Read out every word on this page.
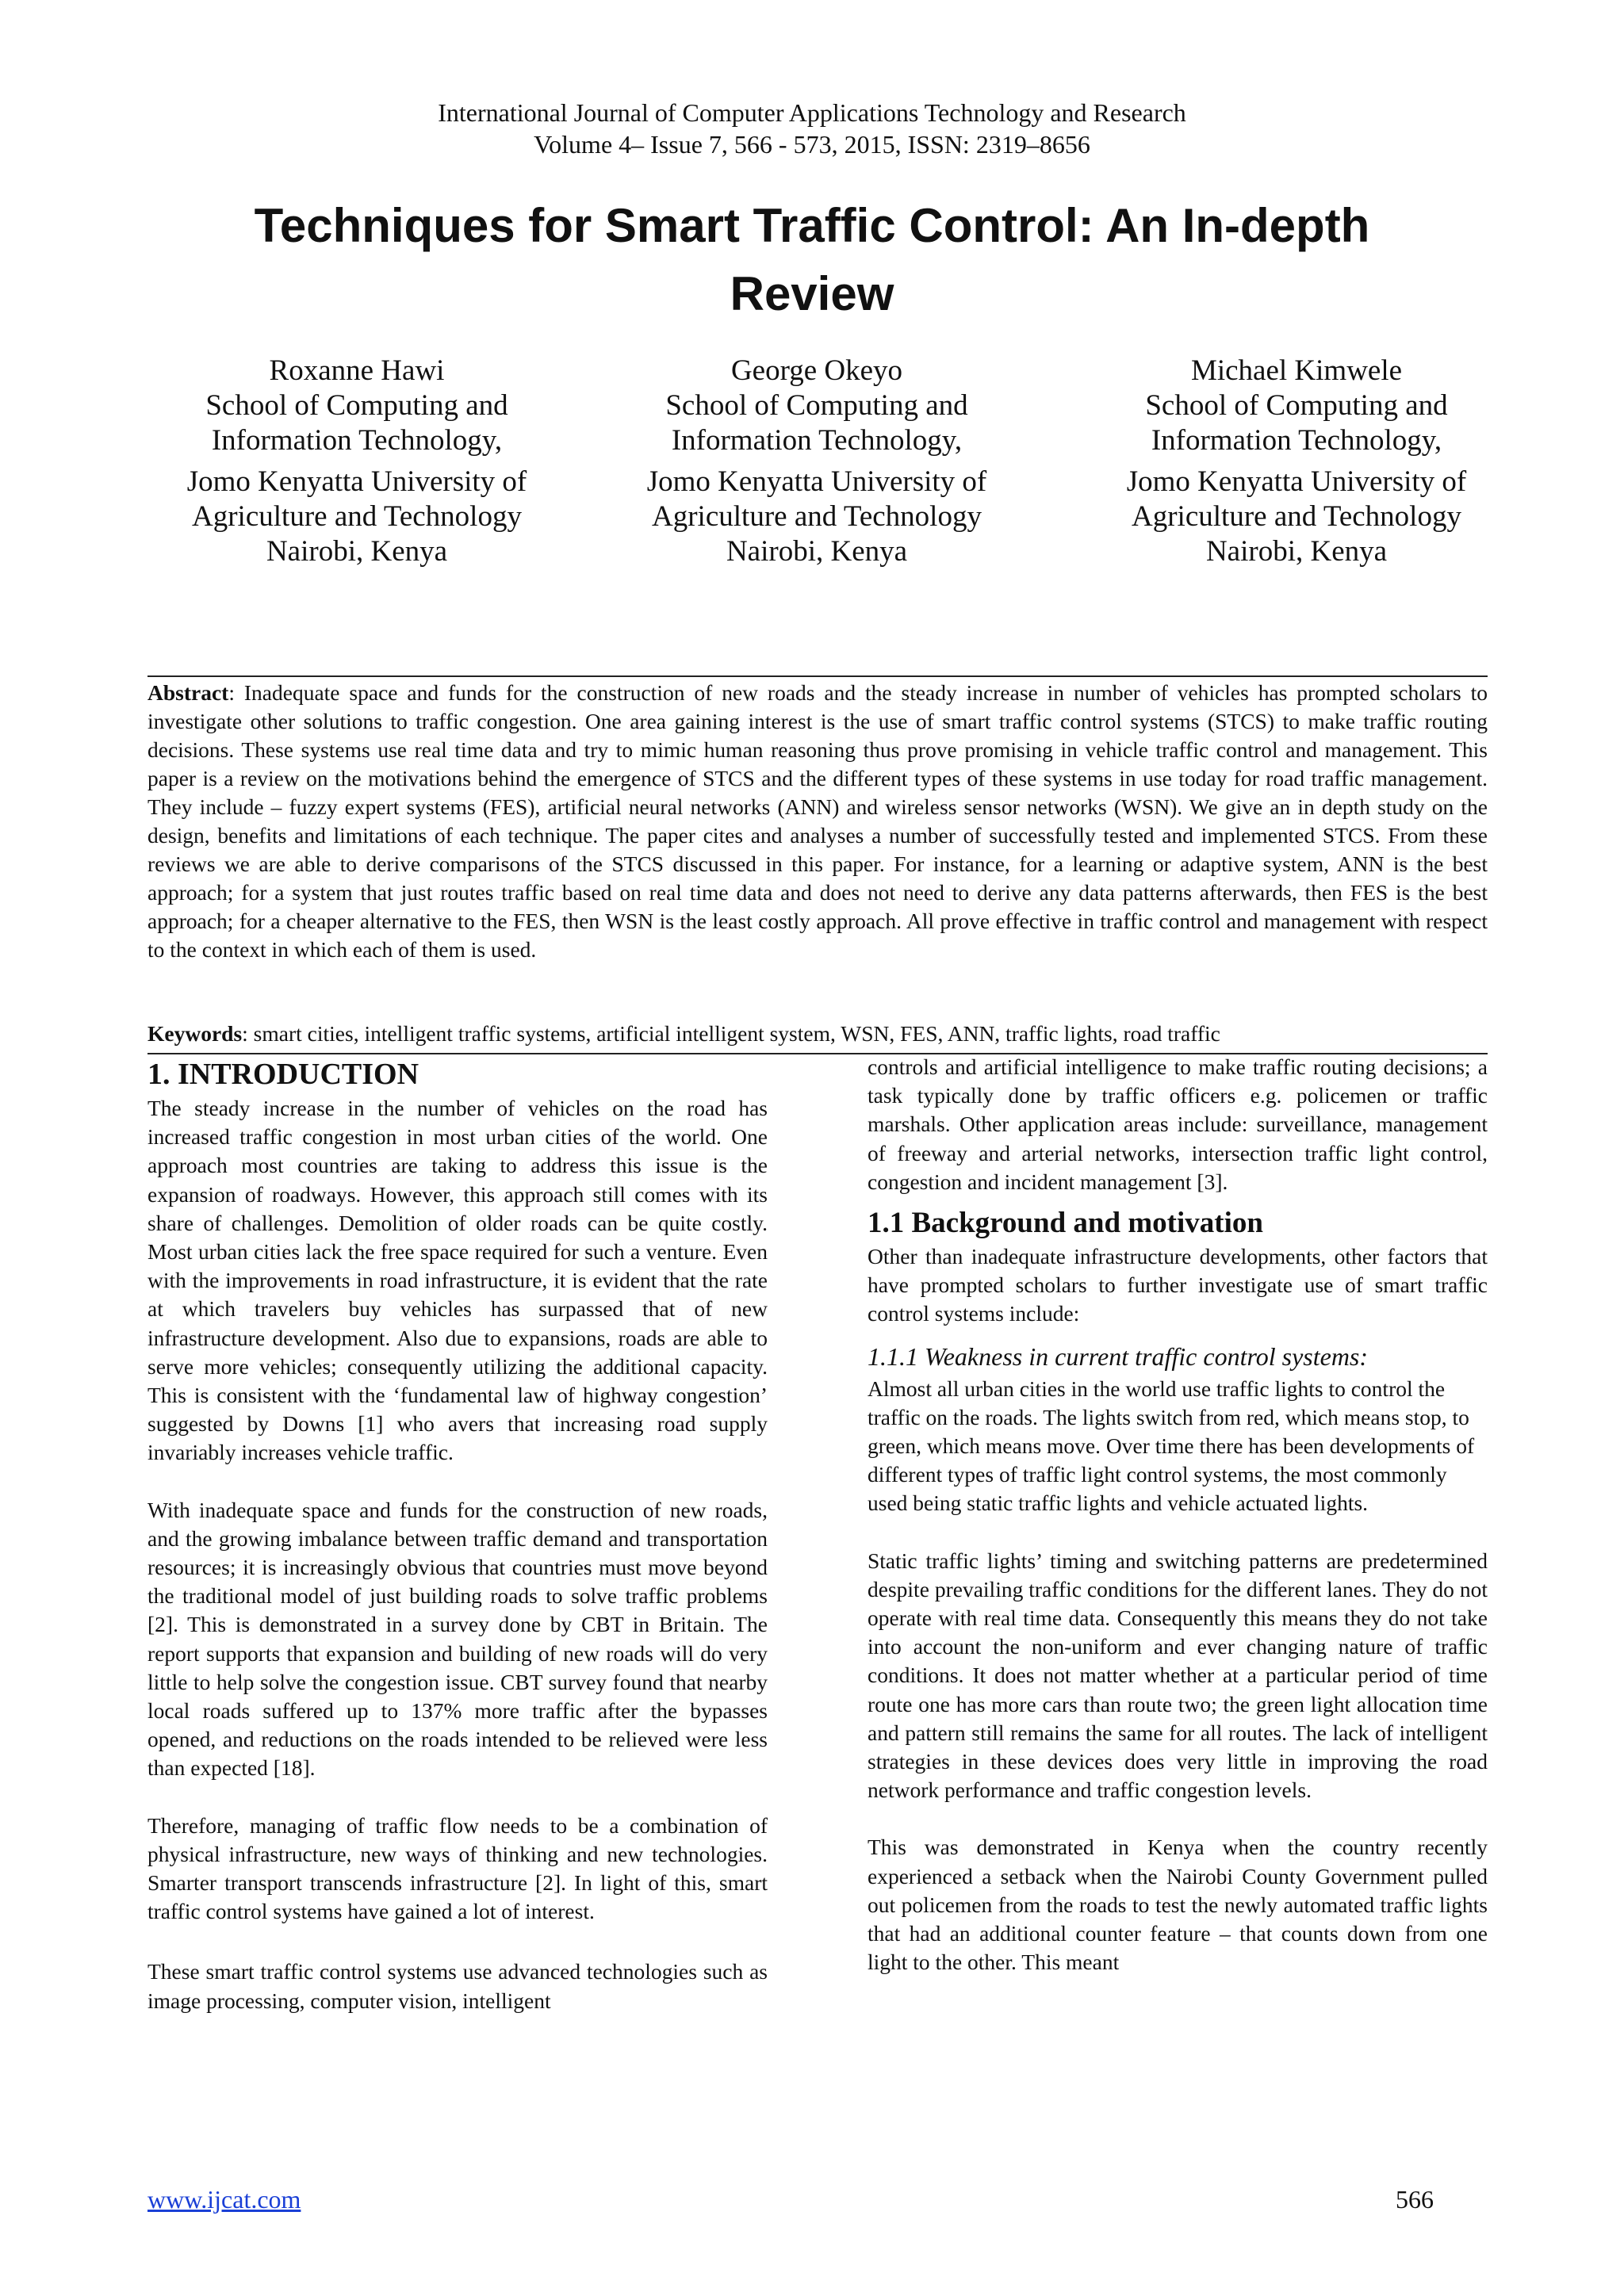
International Journal of Computer Applications Technology and Research
Volume 4– Issue 7, 566 - 573, 2015, ISSN: 2319–8656
Techniques for Smart Traffic Control: An In-depth
Review
Roxanne Hawi
School of Computing and
Information Technology,
Jomo Kenyatta University of
Agriculture and Technology
Nairobi, Kenya
George Okeyo
School of Computing and
Information Technology,
Jomo Kenyatta University of
Agriculture and Technology
Nairobi, Kenya
Michael Kimwele
School of Computing and
Information Technology,
Jomo Kenyatta University of
Agriculture and Technology
Nairobi, Kenya

Abstract: Inadequate space and funds for the construction of new roads and the steady increase in number of vehicles has prompted scholars to investigate other solutions to traffic congestion. One area gaining interest is the use of smart traffic control systems (STCS) to make traffic routing decisions. These systems use real time data and try to mimic human reasoning thus prove promising in vehicle traffic control and management. This paper is a review on the motivations behind the emergence of STCS and the different types of these systems in use today for road traffic management. They include – fuzzy expert systems (FES), artificial neural networks (ANN) and wireless sensor networks (WSN). We give an in depth study on the design, benefits and limitations of each technique. The paper cites and analyses a number of successfully tested and implemented STCS. From these reviews we are able to derive comparisons of the STCS discussed in this paper. For instance, for a learning or adaptive system, ANN is the best approach; for a system that just routes traffic based on real time data and does not need to derive any data patterns afterwards, then FES is the best approach; for a cheaper alternative to the FES, then WSN is the least costly approach. All prove effective in traffic control and management with respect to the context in which each of them is used.

Keywords: smart cities, intelligent traffic systems, artificial intelligent system, WSN, FES, ANN, traffic lights, road traffic

1. INTRODUCTION

The steady increase in the number of vehicles on the road has increased traffic congestion in most urban cities of the world. One approach most countries are taking to address this issue is the expansion of roadways. However, this approach still comes with its share of challenges. Demolition of older roads can be quite costly. Most urban cities lack the free space required for such a venture. Even with the improvements in road infrastructure, it is evident that the rate at which travelers buy vehicles has surpassed that of new infrastructure development. Also due to expansions, roads are able to serve more vehicles; consequently utilizing the additional capacity. This is consistent with the ‘fundamental law of highway congestion’ suggested by Downs [1] who avers that increasing road supply invariably increases vehicle traffic.

With inadequate space and funds for the construction of new roads, and the growing imbalance between traffic demand and transportation resources; it is increasingly obvious that countries must move beyond the traditional model of just building roads to solve traffic problems [2]. This is demonstrated in a survey done by CBT in Britain. The report supports that expansion and building of new roads will do very little to help solve the congestion issue. CBT survey found that nearby local roads suffered up to 137% more traffic after the bypasses opened, and reductions on the roads intended to be relieved were less than expected [18].

Therefore, managing of traffic flow needs to be a combination of physical infrastructure, new ways of thinking and new technologies. Smarter transport transcends infrastructure [2]. In light of this, smart traffic control systems have gained a lot of interest.

These smart traffic control systems use advanced technologies such as image processing, computer vision, intelligent

controls and artificial intelligence to make traffic routing decisions; a task typically done by traffic officers e.g. policemen or traffic marshals. Other application areas include: surveillance, management of freeway and arterial networks, intersection traffic light control, congestion and incident management [3].

1.1 Background and motivation

Other than inadequate infrastructure developments, other factors that have prompted scholars to further investigate use of smart traffic control systems include:

1.1.1 Weakness in current traffic control systems:

Almost all urban cities in the world use traffic lights to control the traffic on the roads. The lights switch from red, which means stop, to green, which means move. Over time there has been developments of different types of traffic light control systems, the most commonly used being static traffic lights and vehicle actuated lights.

Static traffic lights’ timing and switching patterns are predetermined despite prevailing traffic conditions for the different lanes. They do not operate with real time data. Consequently this means they do not take into account the non-uniform and ever changing nature of traffic conditions. It does not matter whether at a particular period of time route one has more cars than route two; the green light allocation time and pattern still remains the same for all routes. The lack of intelligent strategies in these devices does very little in improving the road network performance and traffic congestion levels.

This was demonstrated in Kenya when the country recently experienced a setback when the Nairobi County Government pulled out policemen from the roads to test the newly automated traffic lights that had an additional counter feature – that counts down from one light to the other. This meant

www.ijcat.com	566
